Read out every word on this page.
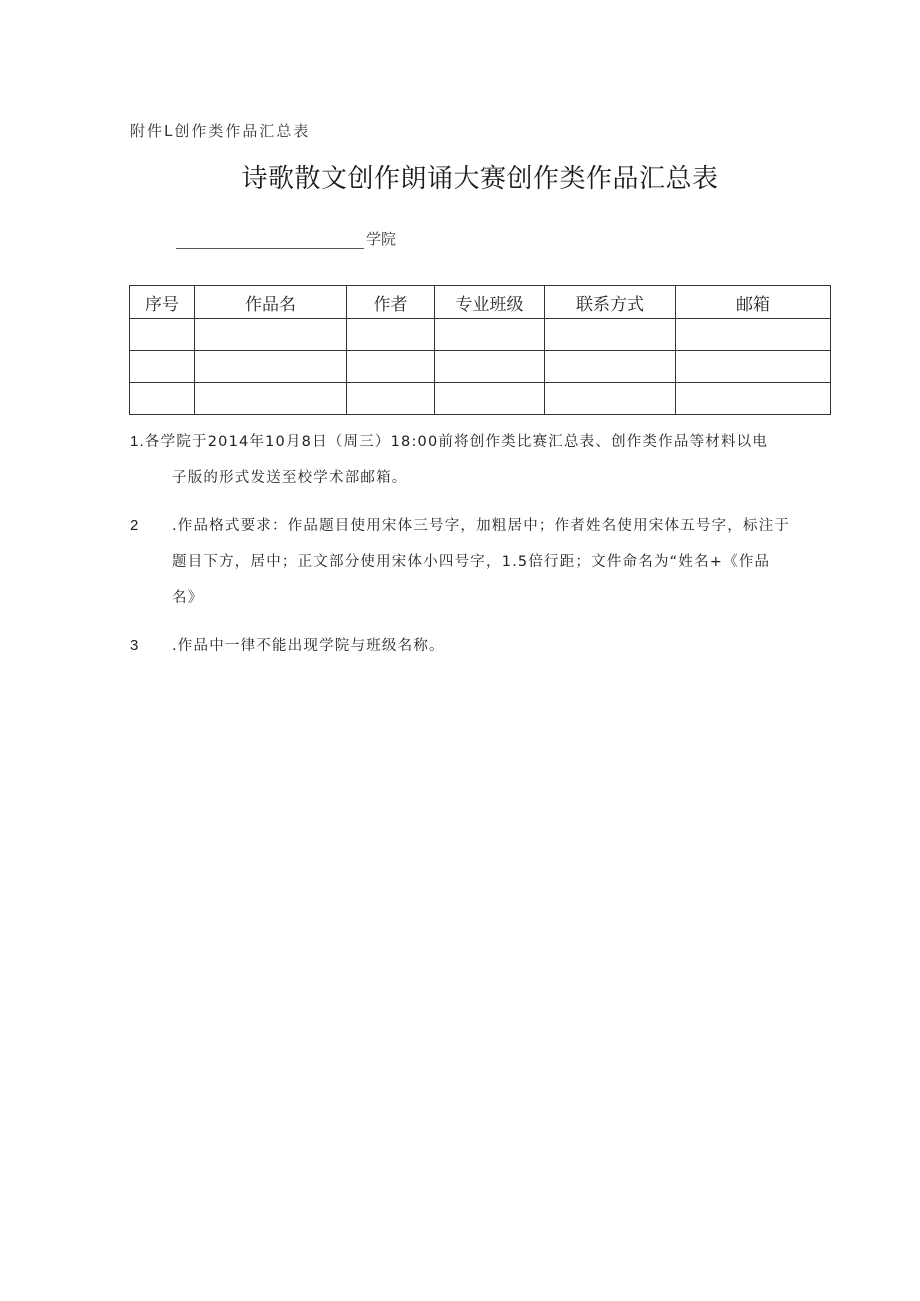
附件L创作类作品汇总表
诗歌散文创作朗诵大赛创作类作品汇总表
学院
序号	作品名	作者	专业班级	联系方式	邮箱

1.各学院于2014年10月8日（周三）18:00前将创作类比赛汇总表、创作类作品等材料以电

子版的形式发送至校学术部邮箱。

2	.作品格式要求：作品题目使用宋体三号字，加粗居中；作者姓名使用宋体五号字，标注于

题目下方，居中；正文部分使用宋体小四号字，1.5倍行距；文件命名为“姓名+《作品

名》

3	.作品中一律不能出现学院与班级名称。
